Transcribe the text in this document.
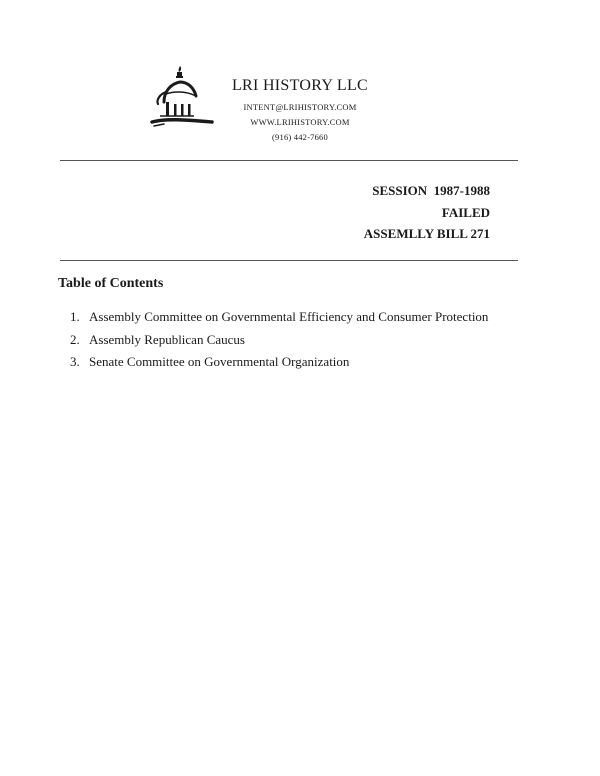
LRI HISTORY LLC
INTENT@LRIHISTORY.COM
WWW.LRIHISTORY.COM
(916) 442-7660
SESSION  1987-1988
FAILED
ASSEMLLY BILL 271
Table of Contents
1. Assembly Committee on Governmental Efficiency and Consumer Protection
2. Assembly Republican Caucus
3. Senate Committee on Governmental Organization
